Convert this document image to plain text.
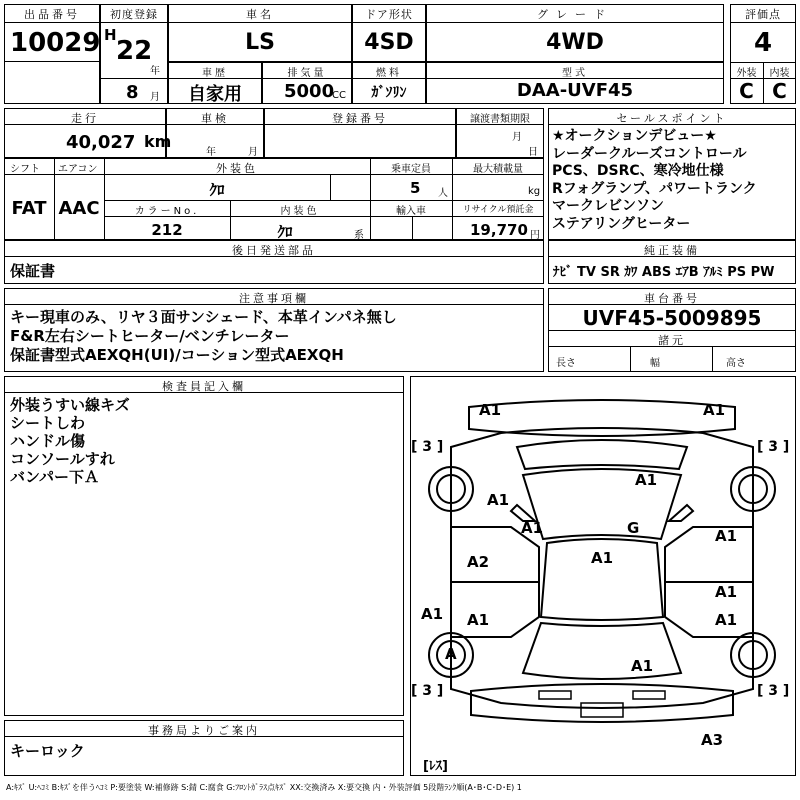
出品番号
10029
初度登録
H
22
年
8 月
車名
LS
ドア形状
4SD
グレード
4WD
評価点
4
外装	内装
C C
車歴
自家用
排気量
5000
CC
燃料
ｶﾞｿﾘﾝ
型式
DAA-UVF45
走行
40,027 km
車検
年	月
登録番号	譲渡書類期限
月
日
シフト エアコン
FAT AAC
外装色
ｸﾛ
乗車定員
5 人
最大積載量
kg
カラーNo.
212
内装色
ｸﾛ	系
輸入車	リサイクル預託金
19,770 円
セールスポイント
★オークションデビュー★
レーダークルーズコントロール
PCS、DSRC、寒冷地仕様
Rフォグランプ、パワートランク
マークレビンソン
ステアリングヒーター
後日発送部品
保証書
純正装備
ﾅﾋﾞ TV SR ｶﾜ ABS ｴｱB ｱﾙﾐ PS PW
注意事項欄
キー現車のみ、リヤ３面サンシェード、本革インパネ無し
F&R左右シートヒーター/ベンチレーター
保証書型式AEXQH(UI)/コーション型式AEXQH
車台番号
UVF45-5009895
諸元
長さ	幅	高さ
検査員記入欄
外装うすい線キズ
シートしわ
ハンドル傷
コンソールすれ
バンパー下Ａ
事務局よりご案内
キーロック
[ 3 ]	[ 3 ]
[ 3 ]	[ 3 ]
[ﾚｽ]
A1	A1
A1
A1
A1	G
A1
A1
A2
A1
A1 A1	A1
A
A1
A3
A:ｷｽﾞ U:ﾍｺﾐ B:ｷｽﾞを伴うﾍｺﾐ P:要塗装 W:補修跡 S:錆 C:腐食 G:ﾌﾛﾝﾄｶﾞﾗｽ点ｷｽﾞ XX:交換済み X:要交換 内・外装評価 5段階ﾗﾝｸ順(A･B･C･D･E) 1
